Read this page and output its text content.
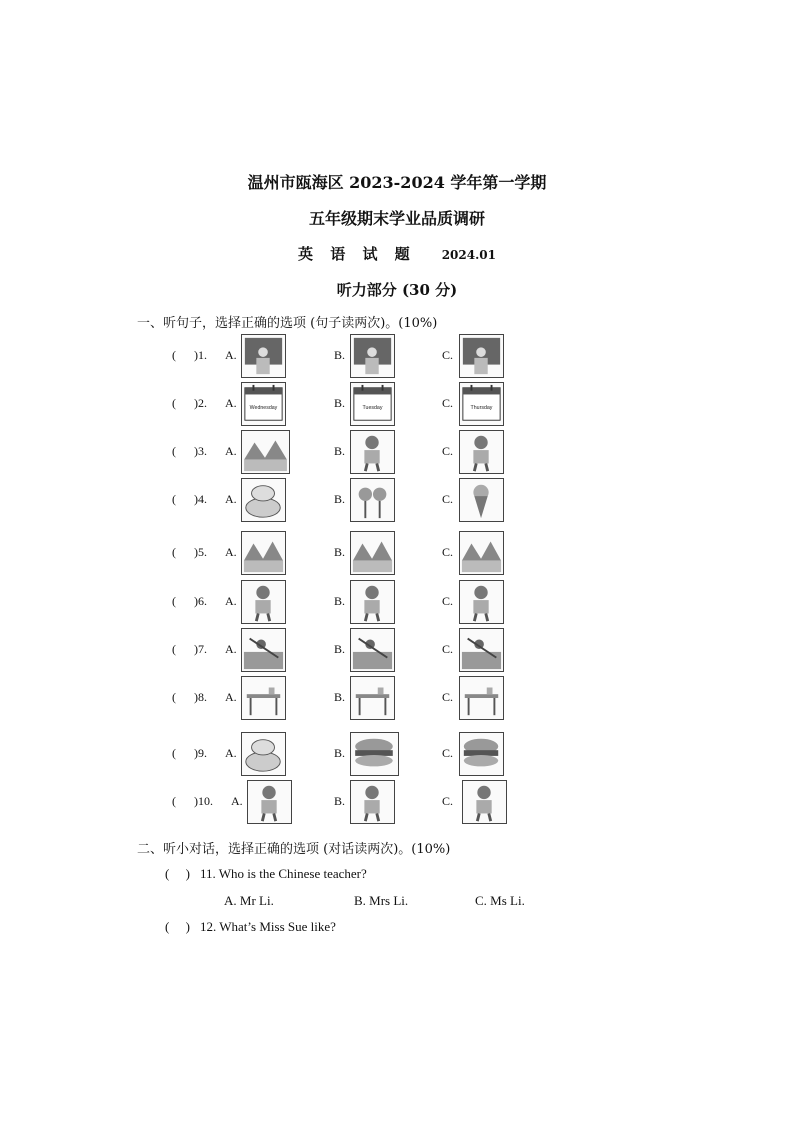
温州市瓯海区 2023-2024 学年第一学期
五年级期末学业品质调研
英 语 试 题 2024.01
听力部分 (30 分)
一、听句子，选择正确的选项 (句子读两次)。(10%)
(      )1. A.	B.	C.
(      )2. A. Wednesday	B.	Tuesday	C.	Thursday
(      )3. A.	B.	C.
(      )4. A.	B.	C.
(      )5. A.	B.	C.
(      )6. A.	B.	C.
(      )7. A.	B.	C.
(      )8. A.	B.	C.
(      )9. A.	B.	C.
(      )10. A.	B.	C.
二、听小对话，选择正确的选项 (对话读两次)。(10%)
(     ) 11. Who is the Chinese teacher?
A. Mr Li.	B. Mrs Li.	C. Ms Li.
(     ) 12. What’s Miss Sue like?
